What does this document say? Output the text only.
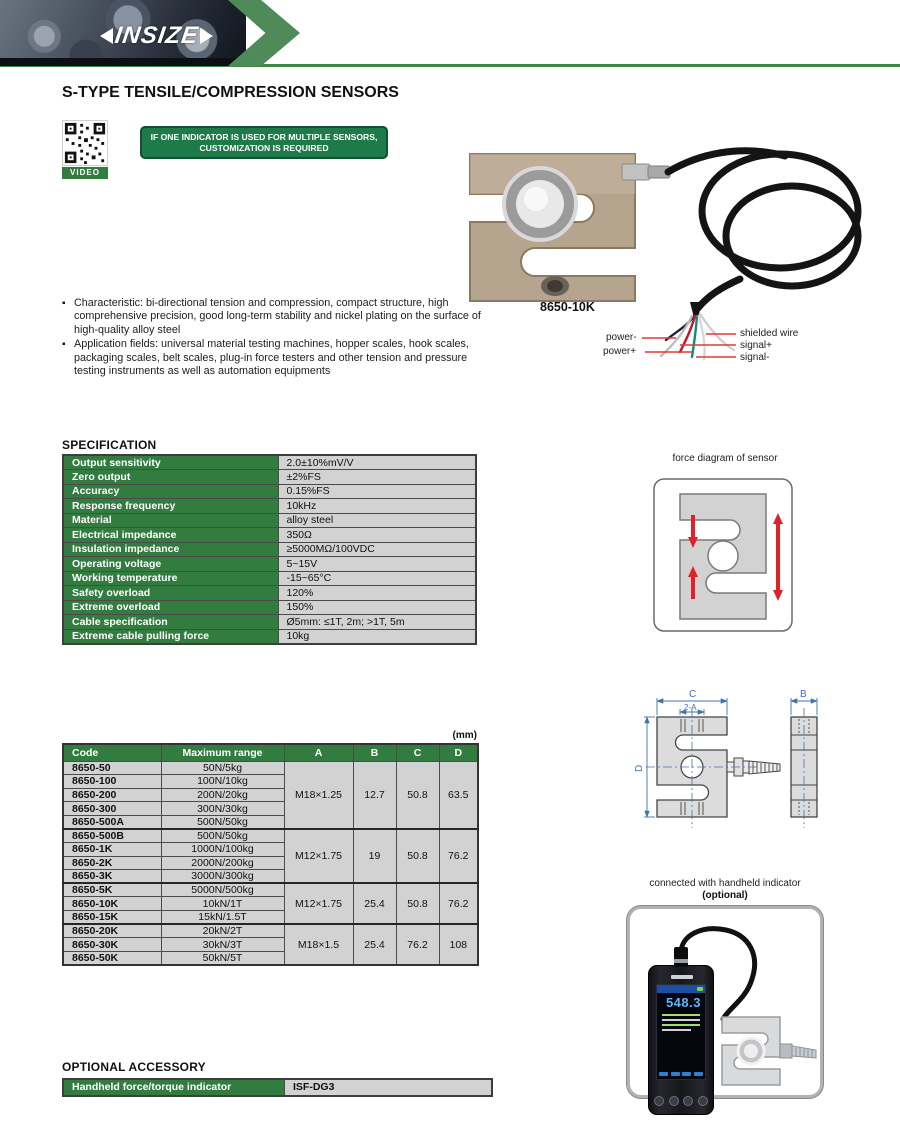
INSIZE
S-TYPE TENSILE/COMPRESSION SENSORS
VIDEO
IF ONE INDICATOR IS USED FOR MULTIPLE SENSORS,
CUSTOMIZATION IS REQUIRED
8650-10K
power-
power+
shielded wire
signal+
signal-
▪ Characteristic: bi-directional tension and compression, compact structure, high comprehensive precision, good long-term stability and nickel plating on the surface of high-quality alloy steel
▪ Application fields: universal material testing machines, hopper scales, hook scales, packaging scales, belt scales, plug-in force testers and other tension and pressure testing instruments as well as automation equipments
SPECIFICATION
Output sensitivity	2.0±10%mV/V
Zero output	±2%FS
Accuracy	0.15%FS
Response frequency	10kHz
Material	alloy steel
Electrical impedance	350Ω
Insulation impedance	≥5000MΩ/100VDC
Operating voltage	5~15V
Working temperature	-15~65°C
Safety overload	120%
Extreme overload	150%
Cable specification	Ø5mm: ≤1T, 2m; >1T, 5m
Extreme cable pulling force	10kg
force diagram of sensor
(mm)
Code	Maximum range	A	B	C	D
8650-50	50N/5kg	M18×1.25	12.7	50.8	63.5
8650-100	100N/10kg				
8650-200	200N/20kg				
8650-300	300N/30kg				
8650-500A	500N/50kg				
8650-500B	500N/50kg	M12×1.75	19	50.8	76.2
8650-1K	1000N/100kg				
8650-2K	2000N/200kg				
8650-3K	3000N/300kg				
8650-5K	5000N/500kg	M12×1.75	25.4	50.8	76.2
8650-10K	10kN/1T				
8650-15K	15kN/1.5T				
8650-20K	20kN/2T	M18×1.5	25.4	76.2	108
8650-30K	30kN/3T				
8650-50K	50kN/5T				
C
2-A
B
D
connected with handheld indicator
(optional)
548.3
OPTIONAL ACCESSORY
Handheld force/torque indicator	ISF-DG3
